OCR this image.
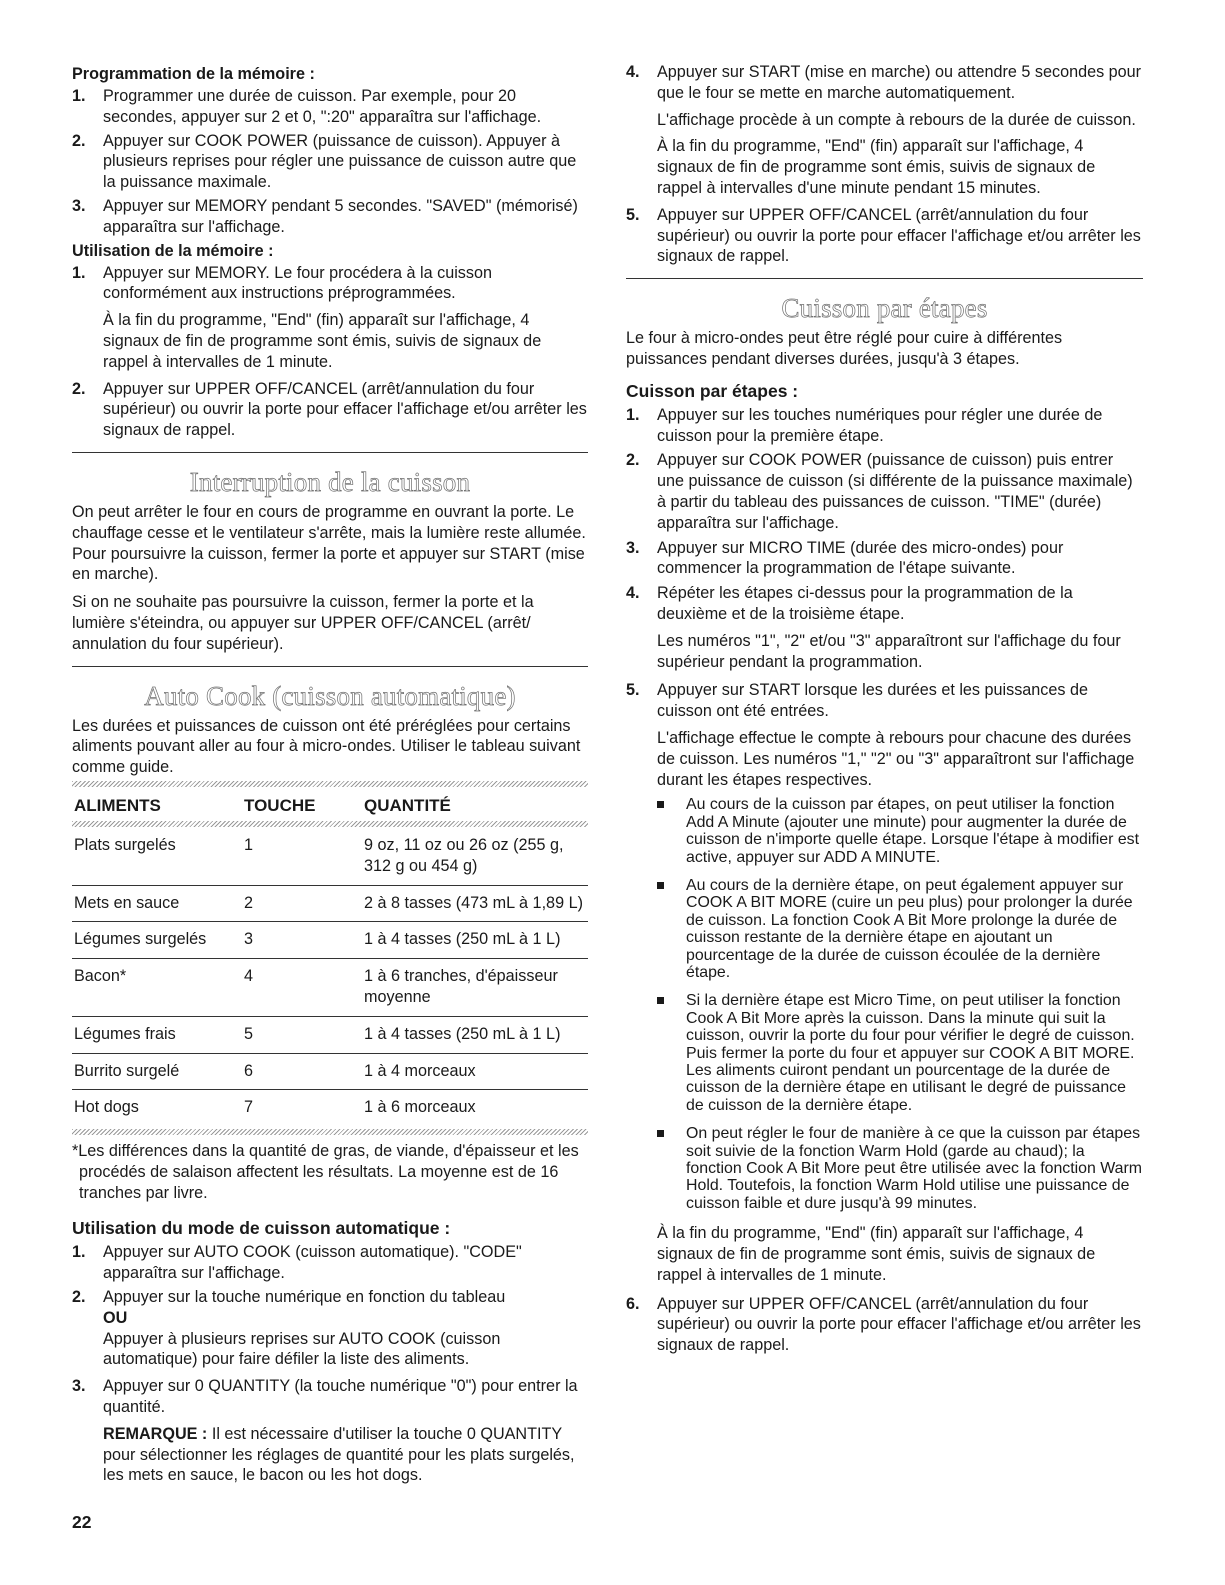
Programmation de la mémoire :
1. Programmer une durée de cuisson. Par exemple, pour 20 secondes, appuyer sur 2 et 0, ":20" apparaîtra sur l'affichage.
2. Appuyer sur COOK POWER (puissance de cuisson). Appuyer à plusieurs reprises pour régler une puissance de cuisson autre que la puissance maximale.
3. Appuyer sur MEMORY pendant 5 secondes. "SAVED" (mémorisé) apparaîtra sur l'affichage.
Utilisation de la mémoire :
1. Appuyer sur MEMORY. Le four procédera à la cuisson conformément aux instructions préprogrammées.

À la fin du programme, "End" (fin) apparaît sur l'affichage, 4 signaux de fin de programme sont émis, suivis de signaux de rappel à intervalles de 1 minute.

2. Appuyer sur UPPER OFF/CANCEL (arrêt/annulation du four supérieur) ou ouvrir la porte pour effacer l'affichage et/ou arrêter les signaux de rappel.
Interruption de la cuisson

On peut arrêter le four en cours de programme en ouvrant la porte. Le chauffage cesse et le ventilateur s'arrête, mais la lumière reste allumée. Pour poursuivre la cuisson, fermer la porte et appuyer sur START (mise en marche).

Si on ne souhaite pas poursuivre la cuisson, fermer la porte et la lumière s'éteindra, ou appuyer sur UPPER OFF/CANCEL (arrêt/ annulation du four supérieur).

Auto Cook (cuisson automatique)

Les durées et puissances de cuisson ont été préréglées pour certains aliments pouvant aller au four à micro-ondes. Utiliser le tableau suivant comme guide.

ALIMENTS	TOUCHE	QUANTITÉ

Plats surgelés	1	9 oz, 11 oz ou 26 oz (255 g, 312 g ou 454 g)
Mets en sauce	2	2 à 8 tasses (473 mL à 1,89 L)
Légumes surgelés	3	1 à 4 tasses (250 mL à 1 L)
Bacon*	4	1 à 6 tranches, d'épaisseur moyenne
Légumes frais	5	1 à 4 tasses (250 mL à 1 L)
Burrito surgelé	6	1 à 4 morceaux
Hot dogs	7	1 à 6 morceaux

*Les différences dans la quantité de gras, de viande, d'épaisseur et les procédés de salaison affectent les résultats. La moyenne est de 16 tranches par livre.

Utilisation du mode de cuisson automatique :
1. Appuyer sur AUTO COOK (cuisson automatique). "CODE" apparaîtra sur l'affichage.
2. Appuyer sur la touche numérique en fonction du tableau

OU

Appuyer à plusieurs reprises sur AUTO COOK (cuisson automatique) pour faire défiler la liste des aliments.

3. Appuyer sur 0 QUANTITY (la touche numérique "0") pour entrer la quantité.

REMARQUE : Il est nécessaire d'utiliser la touche 0 QUANTITY pour sélectionner les réglages de quantité pour les plats surgelés, les mets en sauce, le bacon ou les hot dogs.

22
4. Appuyer sur START (mise en marche) ou attendre 5 secondes pour que le four se mette en marche automatiquement.

L'affichage procède à un compte à rebours de la durée de cuisson.

À la fin du programme, "End" (fin) apparaît sur l'affichage, 4 signaux de fin de programme sont émis, suivis de signaux de rappel à intervalles d'une minute pendant 15 minutes.

5. Appuyer sur UPPER OFF/CANCEL (arrêt/annulation du four supérieur) ou ouvrir la porte pour effacer l'affichage et/ou arrêter les signaux de rappel.
Cuisson par étapes

Le four à micro-ondes peut être réglé pour cuire à différentes puissances pendant diverses durées, jusqu'à 3 étapes.

Cuisson par étapes :
1. Appuyer sur les touches numériques pour régler une durée de cuisson pour la première étape.
2. Appuyer sur COOK POWER (puissance de cuisson) puis entrer une puissance de cuisson (si différente de la puissance maximale) à partir du tableau des puissances de cuisson. "TIME" (durée) apparaîtra sur l'affichage.
3. Appuyer sur MICRO TIME (durée des micro-ondes) pour commencer la programmation de l'étape suivante.
4. Répéter les étapes ci-dessus pour la programmation de la deuxième et de la troisième étape.

Les numéros "1", "2" et/ou "3" apparaîtront sur l'affichage du four supérieur pendant la programmation.

5. Appuyer sur START lorsque les durées et les puissances de cuisson ont été entrées.

L'affichage effectue le compte à rebours pour chacune des durées de cuisson. Les numéros "1," "2" ou "3" apparaîtront sur l'affichage durant les étapes respectives.

Au cours de la cuisson par étapes, on peut utiliser la fonction Add A Minute (ajouter une minute) pour augmenter la durée de cuisson de n'importe quelle étape. Lorsque l'étape à modifier est active, appuyer sur ADD A MINUTE.
Au cours de la dernière étape, on peut également appuyer sur COOK A BIT MORE (cuire un peu plus) pour prolonger la durée de cuisson. La fonction Cook A Bit More prolonge la durée de cuisson restante de la dernière étape en ajoutant un pourcentage de la durée de cuisson écoulée de la dernière étape.
Si la dernière étape est Micro Time, on peut utiliser la fonction Cook A Bit More après la cuisson. Dans la minute qui suit la cuisson, ouvrir la porte du four pour vérifier le degré de cuisson. Puis fermer la porte du four et appuyer sur COOK A BIT MORE. Les aliments cuiront pendant un pourcentage de la durée de cuisson de la dernière étape en utilisant le degré de puissance de cuisson de la dernière étape.
On peut régler le four de manière à ce que la cuisson par étapes soit suivie de la fonction Warm Hold (garde au chaud); la fonction Cook A Bit More peut être utilisée avec la fonction Warm Hold. Toutefois, la fonction Warm Hold utilise une puissance de cuisson faible et dure jusqu'à 99 minutes.

À la fin du programme, "End" (fin) apparaît sur l'affichage, 4 signaux de fin de programme sont émis, suivis de signaux de rappel à intervalles de 1 minute.

6. Appuyer sur UPPER OFF/CANCEL (arrêt/annulation du four supérieur) ou ouvrir la porte pour effacer l'affichage et/ou arrêter les signaux de rappel.
